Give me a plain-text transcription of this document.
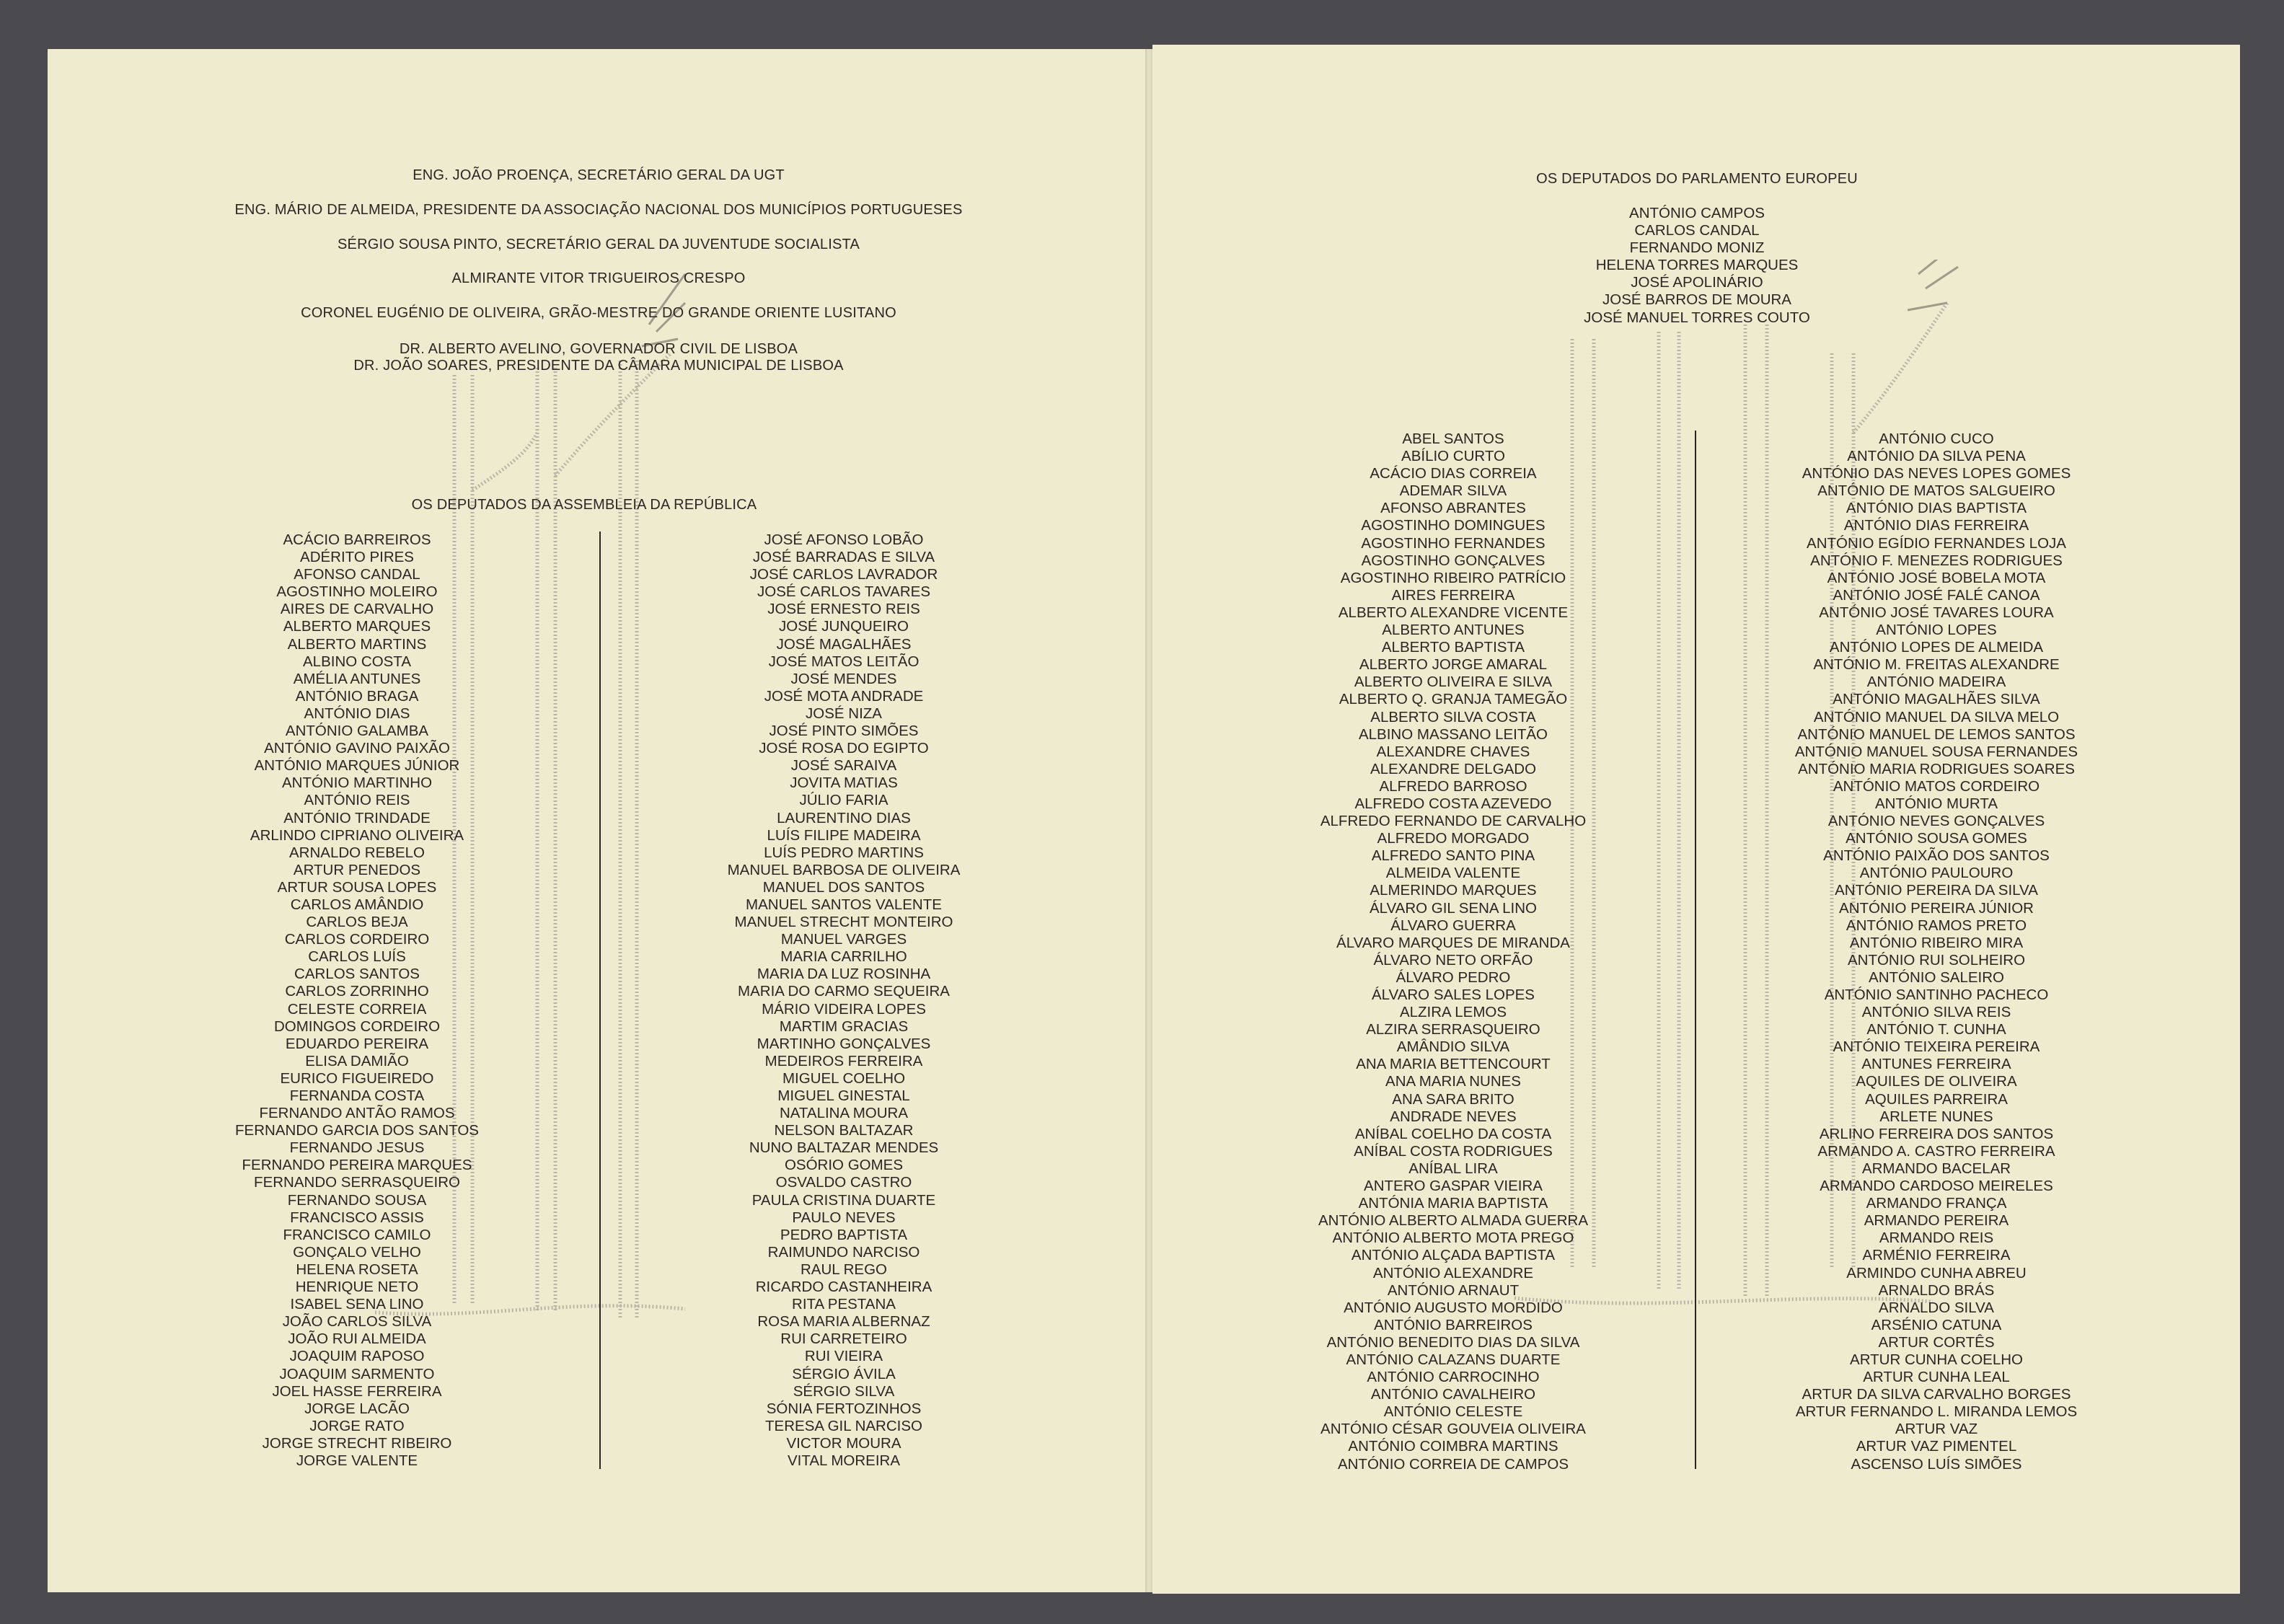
ENG. JOÃO PROENÇA, SECRETÁRIO GERAL DA UGT
ENG. MÁRIO DE ALMEIDA, PRESIDENTE DA ASSOCIAÇÃO NACIONAL DOS MUNICÍPIOS PORTUGUESES
SÉRGIO SOUSA PINTO, SECRETÁRIO GERAL DA JUVENTUDE SOCIALISTA
ALMIRANTE VITOR TRIGUEIROS CRESPO
CORONEL EUGÉNIO DE OLIVEIRA, GRÃO-MESTRE DO GRANDE ORIENTE LUSITANO
DR. ALBERTO AVELINO, GOVERNADOR CIVIL DE LISBOA
DR. JOÃO SOARES, PRESIDENTE DA CÂMARA MUNICIPAL DE LISBOA
OS DEPUTADOS DA ASSEMBLEIA DA REPÚBLICA
ACÁCIO BARREIROS
ADÉRITO PIRES
AFONSO CANDAL
AGOSTINHO MOLEIRO
AIRES DE CARVALHO
ALBERTO MARQUES
ALBERTO MARTINS
ALBINO COSTA
AMÉLIA ANTUNES
ANTÓNIO BRAGA
ANTÓNIO DIAS
ANTÓNIO GALAMBA
ANTÓNIO GAVINO PAIXÃO
ANTÓNIO MARQUES JÚNIOR
ANTÓNIO MARTINHO
ANTÓNIO REIS
ANTÓNIO TRINDADE
ARLINDO CIPRIANO OLIVEIRA
ARNALDO REBELO
ARTUR PENEDOS
ARTUR SOUSA LOPES
CARLOS AMÂNDIO
CARLOS BEJA
CARLOS CORDEIRO
CARLOS LUÍS
CARLOS SANTOS
CARLOS ZORRINHO
CELESTE CORREIA
DOMINGOS CORDEIRO
EDUARDO PEREIRA
ELISA DAMIÃO
EURICO FIGUEIREDO
FERNANDA COSTA
FERNANDO ANTÃO RAMOS
FERNANDO GARCIA DOS SANTOS
FERNANDO JESUS
FERNANDO PEREIRA MARQUES
FERNANDO SERRASQUEIRO
FERNANDO SOUSA
FRANCISCO ASSIS
FRANCISCO CAMILO
GONÇALO VELHO
HELENA ROSETA
HENRIQUE NETO
ISABEL SENA LINO
JOÃO CARLOS SILVA
JOÃO RUI ALMEIDA
JOAQUIM RAPOSO
JOAQUIM SARMENTO
JOEL HASSE FERREIRA
JORGE LACÃO
JORGE RATO
JORGE STRECHT RIBEIRO
JORGE VALENTE
JOSÉ AFONSO LOBÃO
JOSÉ BARRADAS E SILVA
JOSÉ CARLOS LAVRADOR
JOSÉ CARLOS TAVARES
JOSÉ ERNESTO REIS
JOSÉ JUNQUEIRO
JOSÉ MAGALHÃES
JOSÉ MATOS LEITÃO
JOSÉ MENDES
JOSÉ MOTA ANDRADE
JOSÉ NIZA
JOSÉ PINTO SIMÕES
JOSÉ ROSA DO EGIPTO
JOSÉ SARAIVA
JOVITA MATIAS
JÚLIO FARIA
LAURENTINO DIAS
LUÍS FILIPE MADEIRA
LUÍS PEDRO MARTINS
MANUEL BARBOSA DE OLIVEIRA
MANUEL DOS SANTOS
MANUEL SANTOS VALENTE
MANUEL STRECHT MONTEIRO
MANUEL VARGES
MARIA CARRILHO
MARIA DA LUZ ROSINHA
MARIA DO CARMO SEQUEIRA
MÁRIO VIDEIRA LOPES
MARTIM GRACIAS
MARTINHO GONÇALVES
MEDEIROS FERREIRA
MIGUEL COELHO
MIGUEL GINESTAL
NATALINA MOURA
NELSON BALTAZAR
NUNO BALTAZAR MENDES
OSÓRIO GOMES
OSVALDO CASTRO
PAULA CRISTINA DUARTE
PAULO NEVES
PEDRO BAPTISTA
RAIMUNDO NARCISO
RAUL REGO
RICARDO CASTANHEIRA
RITA PESTANA
ROSA MARIA ALBERNAZ
RUI CARRETEIRO
RUI VIEIRA
SÉRGIO ÁVILA
SÉRGIO SILVA
SÓNIA FERTOZINHOS
TERESA GIL NARCISO
VICTOR MOURA
VITAL MOREIRA
OS DEPUTADOS DO PARLAMENTO EUROPEU
ANTÓNIO CAMPOS
CARLOS CANDAL
FERNANDO MONIZ
HELENA TORRES MARQUES
JOSÉ APOLINÁRIO
JOSÉ BARROS DE MOURA
JOSÉ MANUEL TORRES COUTO
ABEL SANTOS
ABÍLIO CURTO
ACÁCIO DIAS CORREIA
ADEMAR SILVA
AFONSO ABRANTES
AGOSTINHO DOMINGUES
AGOSTINHO FERNANDES
AGOSTINHO GONÇALVES
AGOSTINHO RIBEIRO PATRÍCIO
AIRES FERREIRA
ALBERTO ALEXANDRE VICENTE
ALBERTO ANTUNES
ALBERTO BAPTISTA
ALBERTO JORGE AMARAL
ALBERTO OLIVEIRA E SILVA
ALBERTO Q. GRANJA TAMEGÃO
ALBERTO SILVA COSTA
ALBINO MASSANO LEITÃO
ALEXANDRE CHAVES
ALEXANDRE DELGADO
ALFREDO BARROSO
ALFREDO COSTA AZEVEDO
ALFREDO FERNANDO DE CARVALHO
ALFREDO MORGADO
ALFREDO SANTO PINA
ALMEIDA VALENTE
ALMERINDO MARQUES
ÁLVARO GIL SENA LINO
ÁLVARO GUERRA
ÁLVARO MARQUES DE MIRANDA
ÁLVARO NETO ORFÃO
ÁLVARO PEDRO
ÁLVARO SALES LOPES
ALZIRA LEMOS
ALZIRA SERRASQUEIRO
AMÂNDIO SILVA
ANA MARIA BETTENCOURT
ANA MARIA NUNES
ANA SARA BRITO
ANDRADE NEVES
ANÍBAL COELHO DA COSTA
ANÍBAL COSTA RODRIGUES
ANÍBAL LIRA
ANTERO GASPAR VIEIRA
ANTÓNIA MARIA BAPTISTA
ANTÓNIO ALBERTO ALMADA GUERRA
ANTÓNIO ALBERTO MOTA PREGO
ANTÓNIO ALÇADA BAPTISTA
ANTÓNIO ALEXANDRE
ANTÓNIO ARNAUT
ANTÓNIO AUGUSTO MORDIDO
ANTÓNIO BARREIROS
ANTÓNIO BENEDITO DIAS DA SILVA
ANTÓNIO CALAZANS DUARTE
ANTÓNIO CARROCINHO
ANTÓNIO CAVALHEIRO
ANTÓNIO CELESTE
ANTÓNIO CÉSAR GOUVEIA OLIVEIRA
ANTÓNIO COIMBRA MARTINS
ANTÓNIO CORREIA DE CAMPOS
ANTÓNIO CUCO
ANTÓNIO DA SILVA PENA
ANTÓNIO DAS NEVES LOPES GOMES
ANTÓNIO DE MATOS SALGUEIRO
ANTÓNIO DIAS BAPTISTA
ANTÓNIO DIAS FERREIRA
ANTÓNIO EGÍDIO FERNANDES LOJA
ANTÓNIO F. MENEZES RODRIGUES
ANTÓNIO JOSÉ BOBELA MOTA
ANTÓNIO JOSÉ FALÉ CANOA
ANTÓNIO JOSÉ TAVARES LOURA
ANTÓNIO LOPES
ANTÓNIO LOPES DE ALMEIDA
ANTÓNIO M. FREITAS ALEXANDRE
ANTÓNIO MADEIRA
ANTÓNIO MAGALHÃES SILVA
ANTÓNIO MANUEL DA SILVA MELO
ANTÓNIO MANUEL DE LEMOS SANTOS
ANTÓNIO MANUEL SOUSA FERNANDES
ANTÓNIO MARIA RODRIGUES SOARES
ANTÓNIO MATOS CORDEIRO
ANTÓNIO MURTA
ANTÓNIO NEVES GONÇALVES
ANTÓNIO SOUSA GOMES
ANTÓNIO PAIXÃO DOS SANTOS
ANTÓNIO PAULOURO
ANTÓNIO PEREIRA DA SILVA
ANTÓNIO PEREIRA JÚNIOR
ANTÓNIO RAMOS PRETO
ANTÓNIO RIBEIRO MIRA
ANTÓNIO RUI SOLHEIRO
ANTÓNIO SALEIRO
ANTÓNIO SANTINHO PACHECO
ANTÓNIO SILVA REIS
ANTÓNIO T. CUNHA
ANTÓNIO TEIXEIRA PEREIRA
ANTUNES FERREIRA
AQUILES DE OLIVEIRA
AQUILES PARREIRA
ARLETE NUNES
ARLINO FERREIRA DOS SANTOS
ARMANDO A. CASTRO FERREIRA
ARMANDO BACELAR
ARMANDO CARDOSO MEIRELES
ARMANDO FRANÇA
ARMANDO PEREIRA
ARMANDO REIS
ARMÉNIO FERREIRA
ARMINDO CUNHA ABREU
ARNALDO BRÁS
ARNALDO SILVA
ARSÉNIO CATUNA
ARTUR CORTÊS
ARTUR CUNHA COELHO
ARTUR CUNHA LEAL
ARTUR DA SILVA CARVALHO BORGES
ARTUR FERNANDO L. MIRANDA LEMOS
ARTUR VAZ
ARTUR VAZ PIMENTEL
ASCENSO LUÍS SIMÕES
